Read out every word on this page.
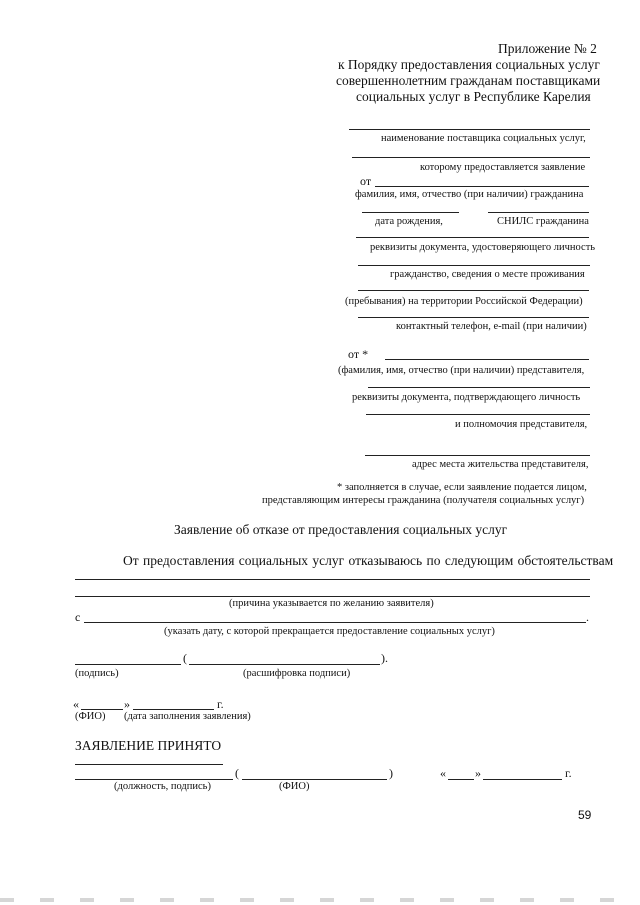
Приложение № 2
к Порядку предоставления социальных услуг
совершеннолетним гражданам поставщиками
социальных услуг в Республике Карелия
наименование поставщика социальных услуг,
которому предоставляется заявление
от
фамилия, имя, отчество (при наличии) гражданина
дата рождения,	СНИЛС гражданина
реквизиты документа, удостоверяющего личность
гражданство, сведения о месте проживания
(пребывания) на территории Российской Федерации)
контактный телефон, e-mail (при наличии)
от *
(фамилия, имя, отчество (при наличии) представителя,
реквизиты документа, подтверждающего личность
и полномочия представителя,
адрес места жительства представителя,
* заполняется в случае, если заявление подается лицом,
представляющим интересы гражданина (получателя социальных услуг)
Заявление об отказе от предоставления социальных услуг
От предоставления социальных услуг отказываюсь по следующим обстоятельствам
(причина указывается по желанию заявителя)
с	.
(указать дату, с которой прекращается предоставление социальных услуг)
(	).
(подпись)	(расшифровка подписи)
«	»	г.
(ФИО) (дата заполнения заявления)
ЗАЯВЛЕНИЕ ПРИНЯТО
(	)	« »	г.
(должность, подпись)	(ФИО)
59
